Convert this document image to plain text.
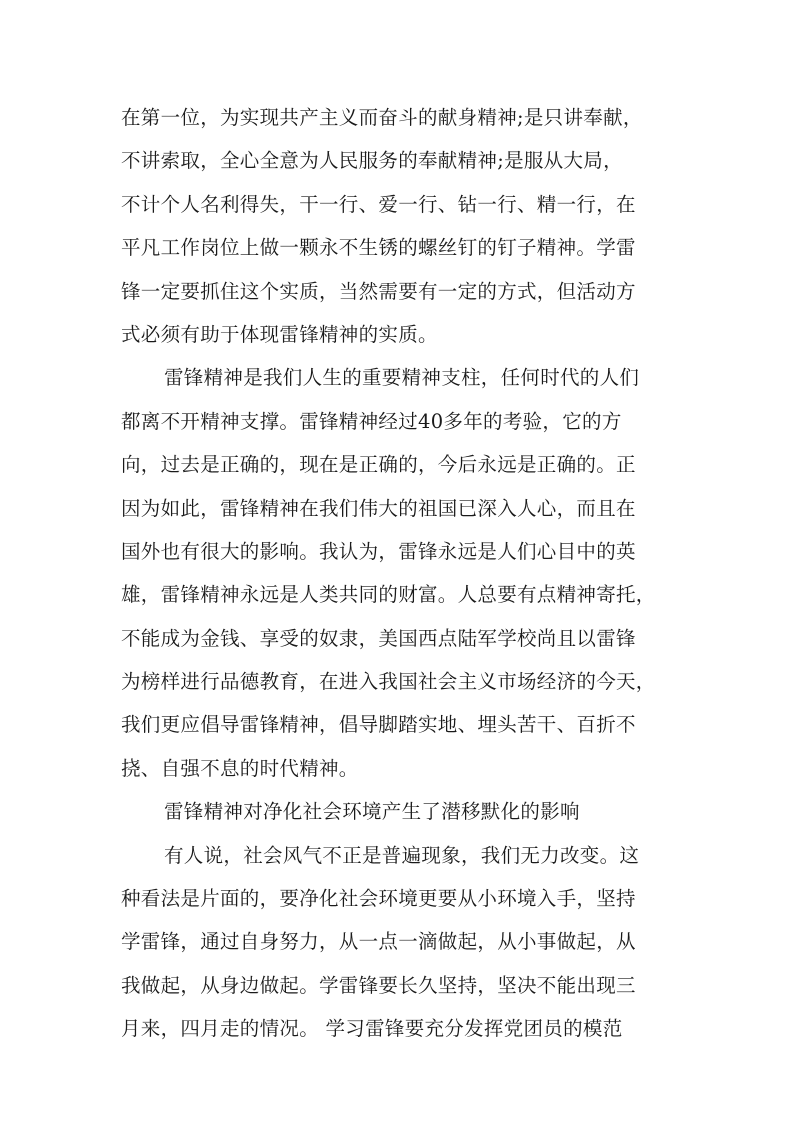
在第一位，为实现共产主义而奋斗的献身精神;是只讲奉献，
不讲索取，全心全意为人民服务的奉献精神;是服从大局，
不计个人名利得失，干一行、爱一行、钻一行、精一行，在
平凡工作岗位上做一颗永不生锈的螺丝钉的钉子精神。学雷
锋一定要抓住这个实质，当然需要有一定的方式，但活动方
式必须有助于体现雷锋精神的实质。
雷锋精神是我们人生的重要精神支柱，任何时代的人们
都离不开精神支撑。雷锋精神经过40多年的考验，它的方
向，过去是正确的，现在是正确的，今后永远是正确的。正
因为如此，雷锋精神在我们伟大的祖国已深入人心，而且在
国外也有很大的影响。我认为，雷锋永远是人们心目中的英
雄，雷锋精神永远是人类共同的财富。人总要有点精神寄托，
不能成为金钱、享受的奴隶，美国西点陆军学校尚且以雷锋
为榜样进行品德教育，在进入我国社会主义市场经济的今天，
我们更应倡导雷锋精神，倡导脚踏实地、埋头苦干、百折不
挠、自强不息的时代精神。
雷锋精神对净化社会环境产生了潜移默化的影响
有人说，社会风气不正是普遍现象，我们无力改变。这
种看法是片面的，要净化社会环境更要从小环境入手，坚持
学雷锋，通过自身努力，从一点一滴做起，从小事做起，从
我做起，从身边做起。学雷锋要长久坚持，坚决不能出现三
月来，四月走的情况。 学习雷锋要充分发挥党团员的模范
